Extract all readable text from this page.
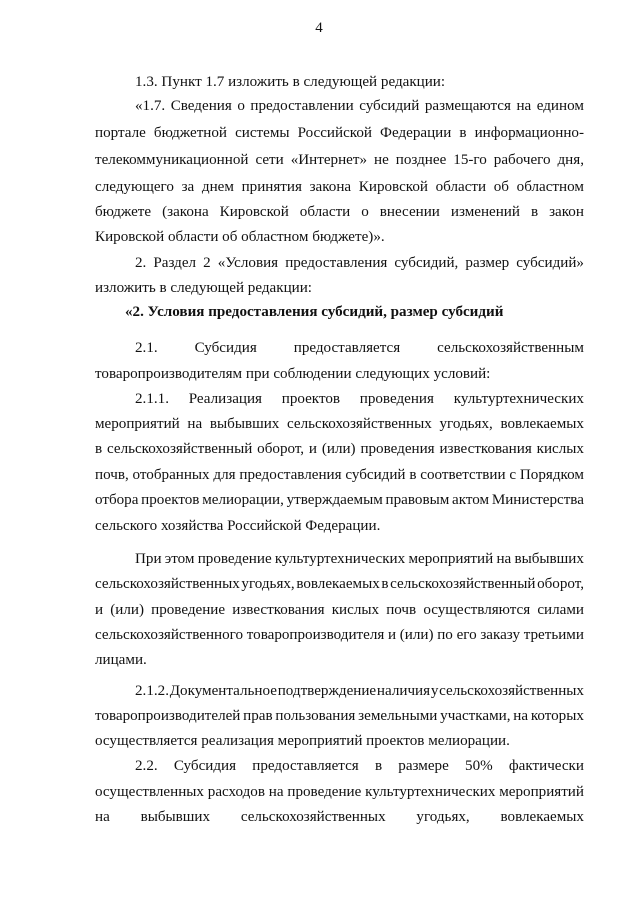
4
1.3. Пункт 1.7 изложить в следующей редакции:
«1.7. Сведения о предоставлении субсидий размещаются на едином
портале бюджетной системы Российской Федерации в информационно-
телекоммуникационной сети «Интернет» не позднее 15-го рабочего дня,
следующего за днем принятия закона Кировской области об областном
бюджете (закона Кировской области о внесении изменений в закон
Кировской области об областном бюджете)».
2. Раздел 2 «Условия предоставления субсидий, размер субсидий»
изложить в следующей редакции:
«2. Условия предоставления субсидий, размер субсидий
2.1. Субсидия предоставляется сельскохозяйственным
товаропроизводителям при соблюдении следующих условий:
2.1.1. Реализация проектов проведения культуртехнических
мероприятий на выбывших сельскохозяйственных угодьях, вовлекаемых
в сельскохозяйственный оборот, и (или) проведения известкования кислых
почв, отобранных для предоставления субсидий в соответствии с Порядком
отбора проектов мелиорации, утверждаемым правовым актом Министерства
сельского хозяйства Российской Федерации.
При этом проведение культуртехнических мероприятий на выбывших
сельскохозяйственных угодьях, вовлекаемых в сельскохозяйственный оборот,
и (или) проведение известкования кислых почв осуществляются силами
сельскохозяйственного товаропроизводителя и (или) по его заказу третьими
лицами.
2.1.2. Документальное подтверждение наличия у сельскохозяйственных
товаропроизводителей прав пользования земельными участками, на которых
осуществляется реализация мероприятий проектов мелиорации.
2.2. Субсидия предоставляется в размере 50% фактически
осуществленных расходов на проведение культуртехнических мероприятий
на выбывших сельскохозяйственных угодьях, вовлекаемых
